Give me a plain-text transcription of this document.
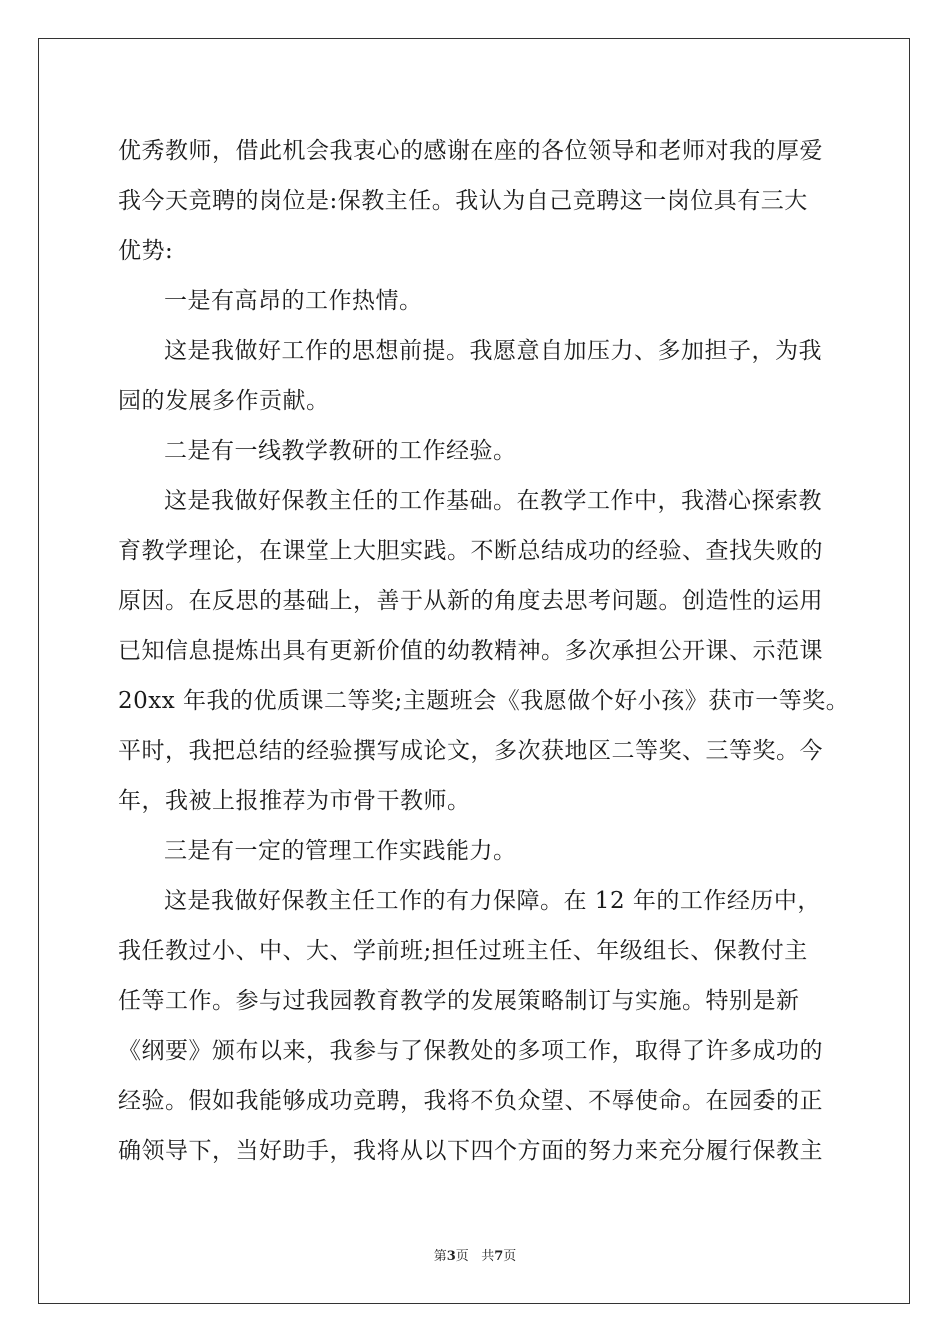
优秀教师，借此机会我衷心的感谢在座的各位领导和老师对我的厚爱
我今天竞聘的岗位是:保教主任。我认为自己竞聘这一岗位具有三大
优势:
一是有高昂的工作热情。
这是我做好工作的思想前提。我愿意自加压力、多加担子，为我
园的发展多作贡献。
二是有一线教学教研的工作经验。
这是我做好保教主任的工作基础。在教学工作中，我潜心探索教
育教学理论，在课堂上大胆实践。不断总结成功的经验、查找失败的
原因。在反思的基础上，善于从新的角度去思考问题。创造性的运用
已知信息提炼出具有更新价值的幼教精神。多次承担公开课、示范课
20xx 年我的优质课二等奖;主题班会《我愿做个好小孩》获市一等奖。
平时，我把总结的经验撰写成论文，多次获地区二等奖、三等奖。今
年，我被上报推荐为市骨干教师。
三是有一定的管理工作实践能力。
这是我做好保教主任工作的有力保障。在 12 年的工作经历中，
我任教过小、中、大、学前班;担任过班主任、年级组长、保教付主
任等工作。参与过我园教育教学的发展策略制订与实施。特别是新
《纲要》颁布以来，我参与了保教处的多项工作，取得了许多成功的
经验。假如我能够成功竞聘，我将不负众望、不辱使命。在园委的正
确领导下，当好助手，我将从以下四个方面的努力来充分履行保教主
第3页 共7页
